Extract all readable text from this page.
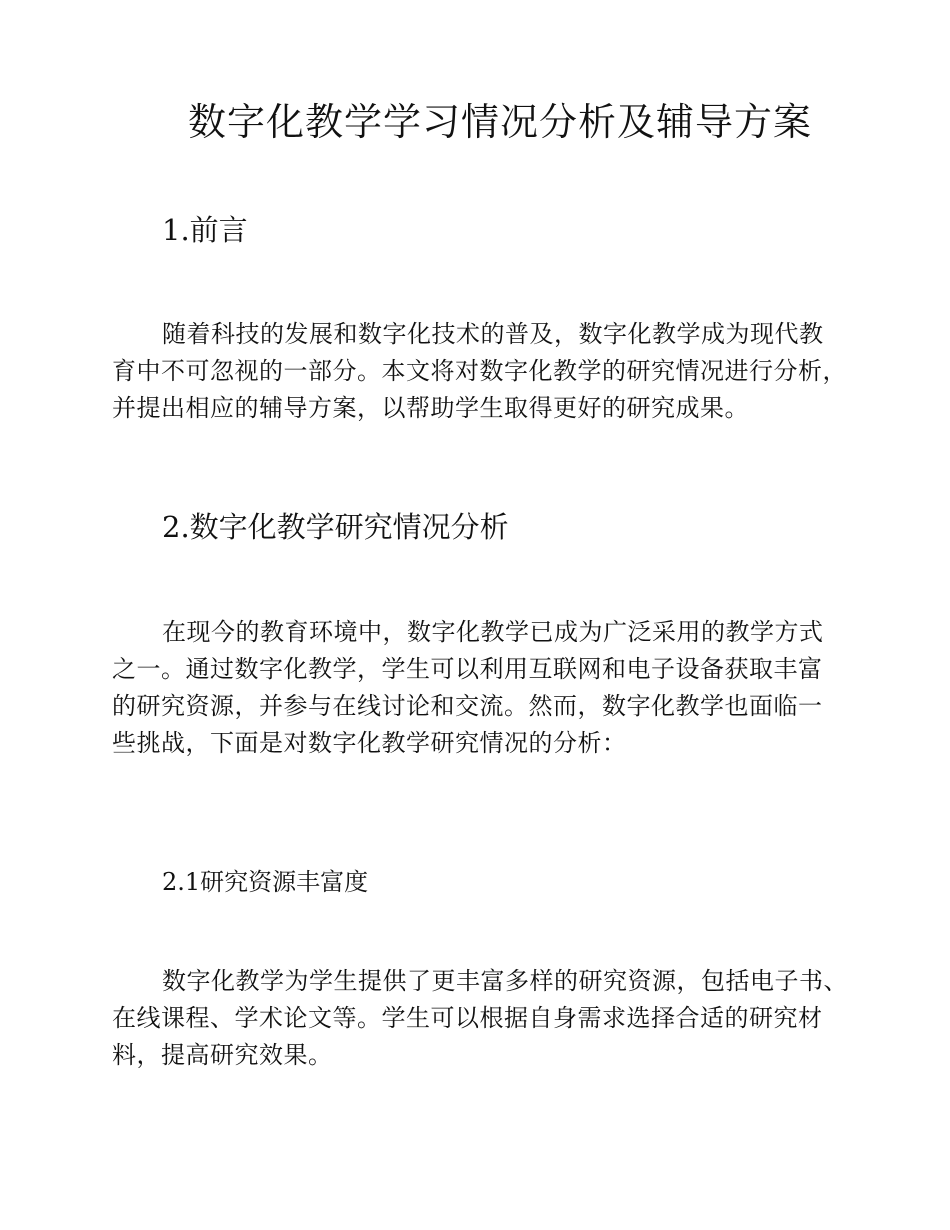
数字化教学学习情况分析及辅导方案
1.前言
随着科技的发展和数字化技术的普及，数字化教学成为现代教
育中不可忽视的一部分。本文将对数字化教学的研究情况进行分析，
并提出相应的辅导方案，以帮助学生取得更好的研究成果。
2.数字化教学研究情况分析
在现今的教育环境中，数字化教学已成为广泛采用的教学方式
之一。通过数字化教学，学生可以利用互联网和电子设备获取丰富
的研究资源，并参与在线讨论和交流。然而，数字化教学也面临一
些挑战，下面是对数字化教学研究情况的分析：
2.1研究资源丰富度
数字化教学为学生提供了更丰富多样的研究资源，包括电子书、
在线课程、学术论文等。学生可以根据自身需求选择合适的研究材
料，提高研究效果。
